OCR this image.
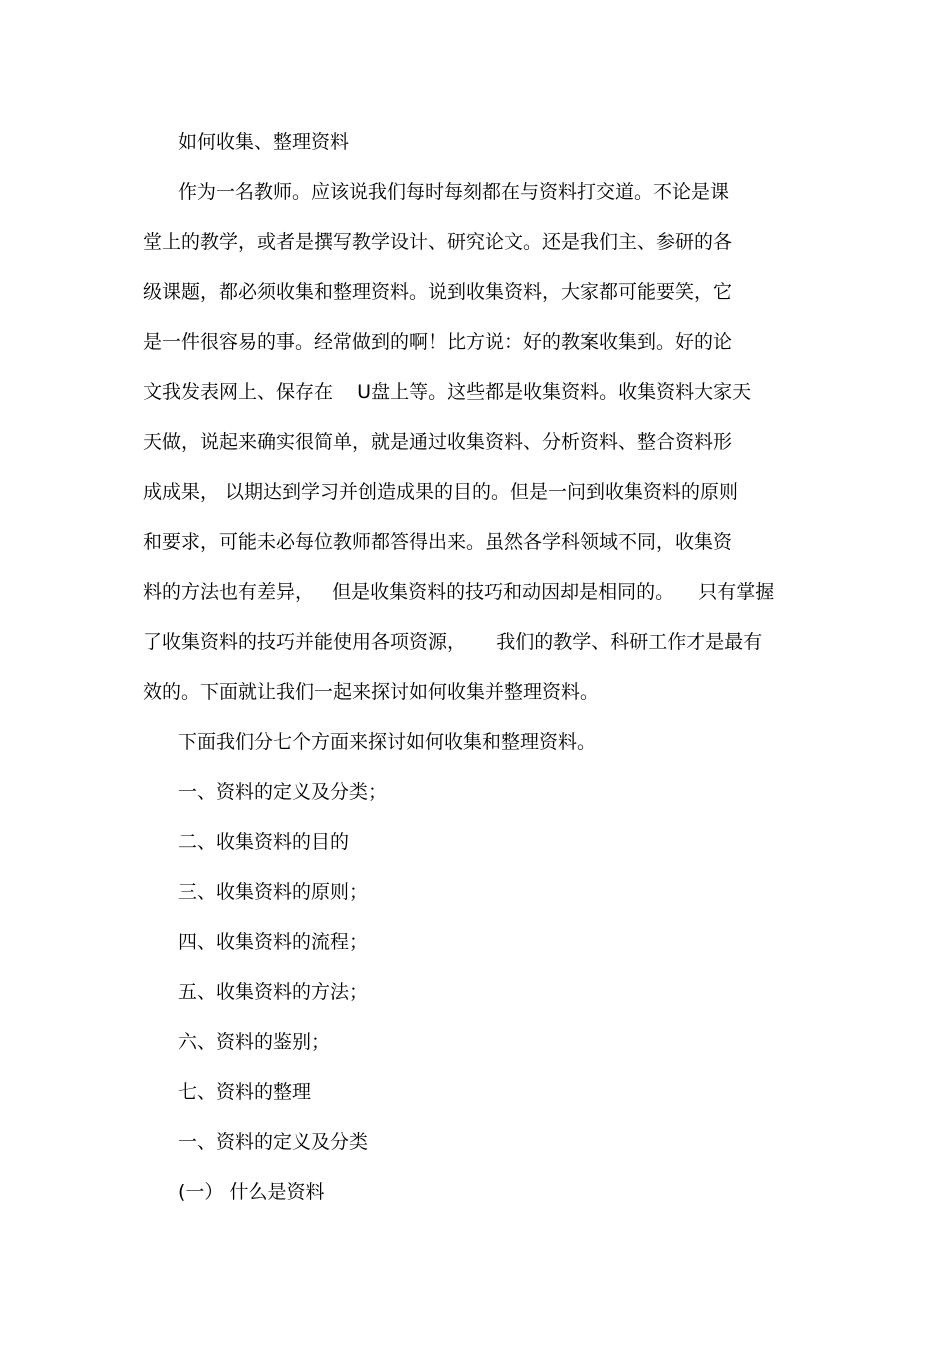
如何收集、整理资料
作为一名教师。应该说我们每时每刻都在与资料打交道。不论是课
堂上的教学，或者是撰写教学设计、研究论文。还是我们主、参研的各
级课题，都必须收集和整理资料。说到收集资料，大家都可能要笑，它
是一件很容易的事。经常做到的啊！比方说：好的教案收集到。好的论
文我发表网上、保存在    U盘上等。这些都是收集资料。收集资料大家天
天做，说起来确实很简单，就是通过收集资料、分析资料、整合资料形
成成果， 以期达到学习并创造成果的目的。但是一问到收集资料的原则
和要求，可能未必每位教师都答得出来。虽然各学科领域不同，收集资
料的方法也有差异，   但是收集资料的技巧和动因却是相同的。    只有掌握
了收集资料的技巧并能使用各项资源，     我们的教学、科研工作才是最有
效的。下面就让我们一起来探讨如何收集并整理资料。
下面我们分七个方面来探讨如何收集和整理资料。
一、资料的定义及分类；
二、收集资料的目的
三、收集资料的原则；
四、收集资料的流程；
五、收集资料的方法；
六、资料的鉴别；
七、资料的整理
一、资料的定义及分类
(一） 什么是资料
